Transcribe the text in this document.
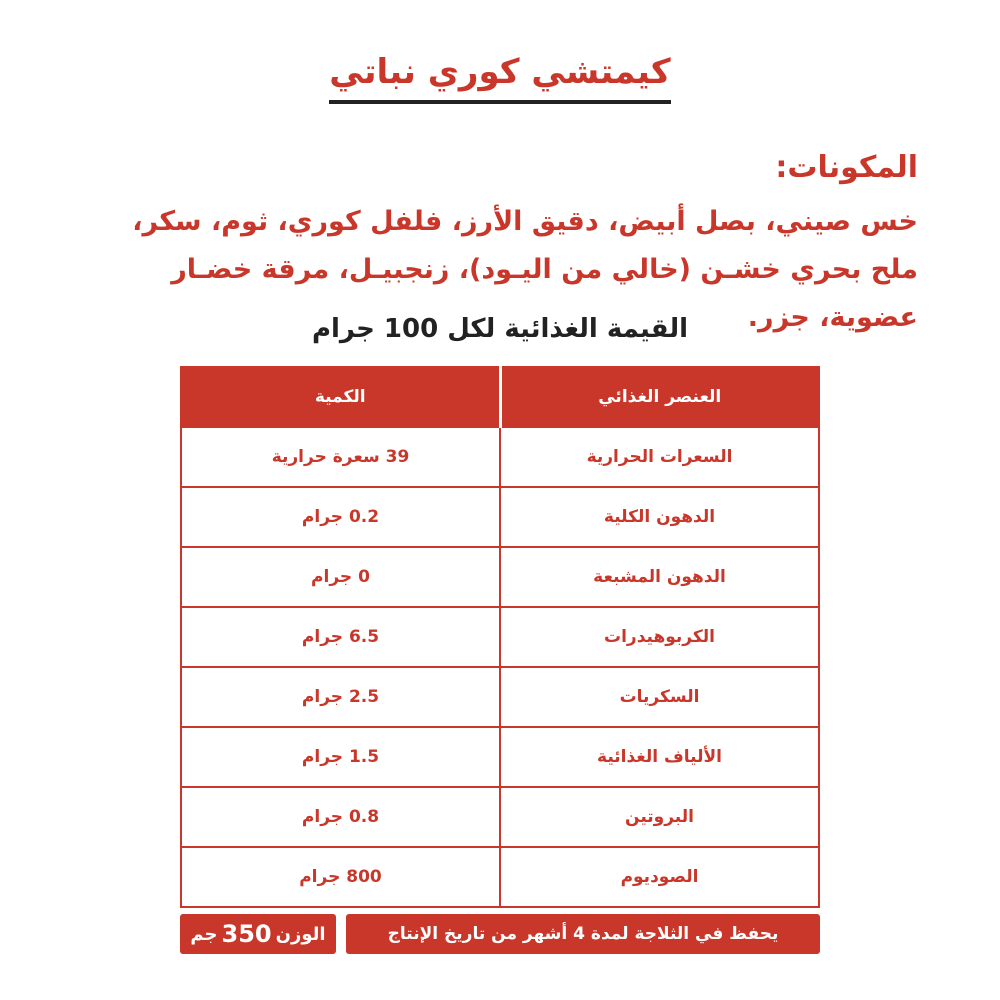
كيمتشي كوري نباتي
المكونات:
خس صيني، بصل أبيض، دقيق الأرز، فلفل كوري، ثوم، سكر، ملح بحري خشـن (خالي من اليـود)، زنجبيـل، مرقة خضـار عضوية، جزر.
القيمة الغذائية لكل 100 جرام
العنصر الغذائي	الكمية
السعرات الحرارية	39 سعرة حرارية
الدهون الكلية	0.2 جرام
الدهون المشبعة	0 جرام
الكربوهيدرات	6.5 جرام
السكريات	2.5 جرام
الألياف الغذائية	1.5 جرام
البروتين	0.8 جرام
الصوديوم	800 جرام
الوزن
350
جم	يحفظ في الثلاجة لمدة 4 أشهر من تاريخ الإنتاج
